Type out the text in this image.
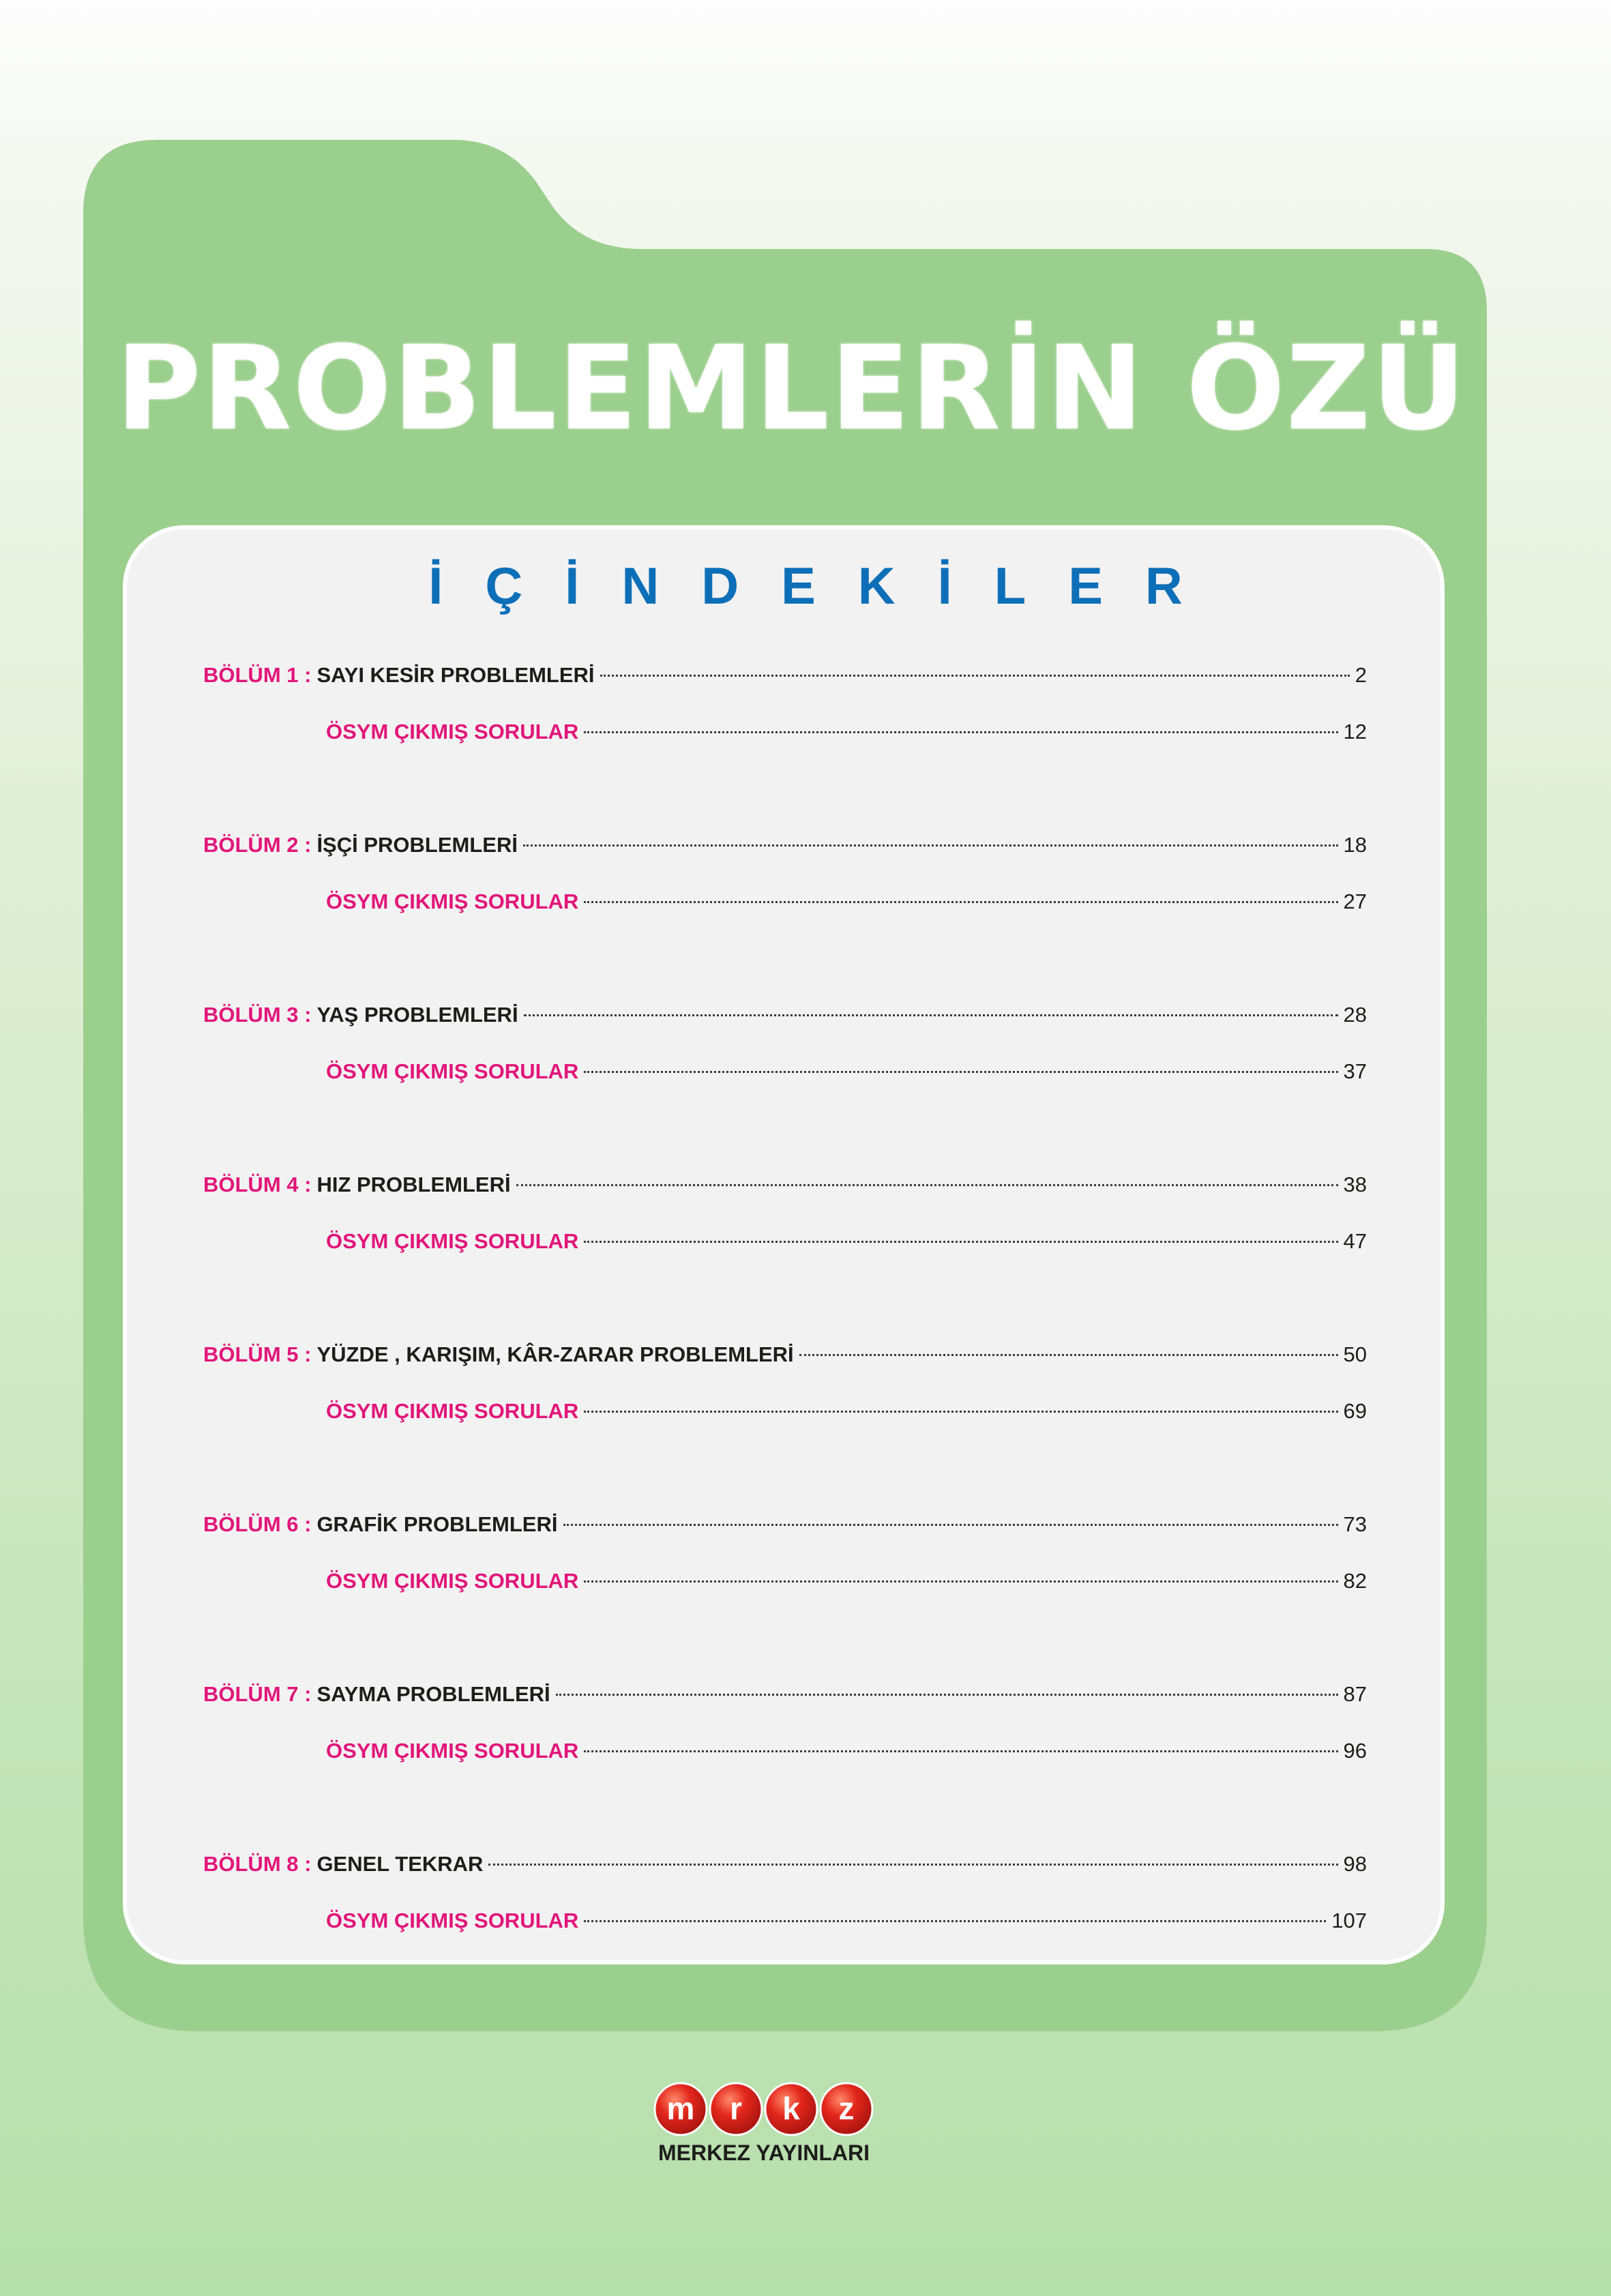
PROBLEMLERİN ÖZÜ
İÇİNDEKİLER
BÖLÜM 1 : SAYI KESİR PROBLEMLERİ	2
ÖSYM ÇIKMIŞ SORULAR	12
BÖLÜM 2 : İŞÇİ PROBLEMLERİ	18
ÖSYM ÇIKMIŞ SORULAR	27
BÖLÜM 3 : YAŞ PROBLEMLERİ	28
ÖSYM ÇIKMIŞ SORULAR	37
BÖLÜM 4 : HIZ PROBLEMLERİ	38
ÖSYM ÇIKMIŞ SORULAR	47
BÖLÜM 5 : YÜZDE , KARIŞIM, KÂR-ZARAR PROBLEMLERİ	50
ÖSYM ÇIKMIŞ SORULAR	69
BÖLÜM 6 : GRAFİK PROBLEMLERİ	73
ÖSYM ÇIKMIŞ SORULAR	82
BÖLÜM 7 : SAYMA PROBLEMLERİ	87
ÖSYM ÇIKMIŞ SORULAR	96
BÖLÜM 8 : GENEL TEKRAR	98
ÖSYM ÇIKMIŞ SORULAR	107
m r k z
MERKEZ YAYINLARI
